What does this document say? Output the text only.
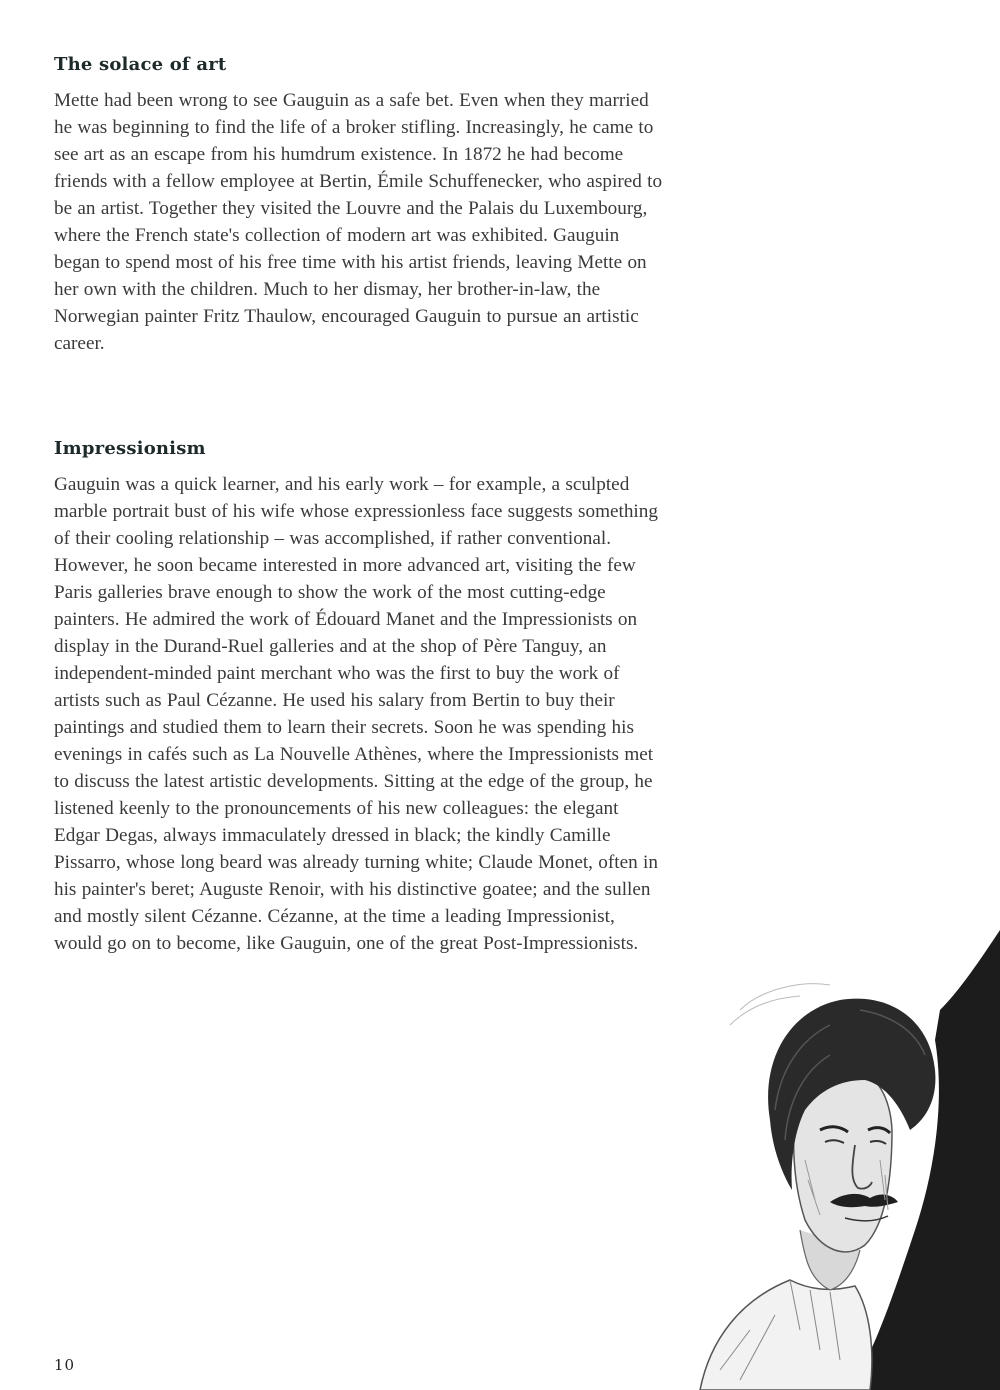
The solace of art

Mette had been wrong to see Gauguin as a safe bet. Even when they married he was beginning to find the life of a broker stifling. Increasingly, he came to see art as an escape from his humdrum existence. In 1872 he had become friends with a fellow employee at Bertin, Émile Schuffenecker, who aspired to be an artist. Together they visited the Louvre and the Palais du Luxembourg, where the French state's collection of modern art was exhibited. Gauguin began to spend most of his free time with his artist friends, leaving Mette on her own with the children. Much to her dismay, her brother-in-law, the Norwegian painter Fritz Thaulow, encouraged Gauguin to pursue an artistic career.

Impressionism

Gauguin was a quick learner, and his early work – for example, a sculpted marble portrait bust of his wife whose expressionless face suggests something of their cooling relationship – was accomplished, if rather conventional. However, he soon became interested in more advanced art, visiting the few Paris galleries brave enough to show the work of the most cutting-edge painters. He admired the work of Édouard Manet and the Impressionists on display in the Durand-Ruel galleries and at the shop of Père Tanguy, an independent-minded paint merchant who was the first to buy the work of artists such as Paul Cézanne. He used his salary from Bertin to buy their paintings and studied them to learn their secrets. Soon he was spending his evenings in cafés such as La Nouvelle Athènes, where the Impressionists met to discuss the latest artistic developments. Sitting at the edge of the group, he listened keenly to the pronouncements of his new colleagues: the elegant Edgar Degas, always immaculately dressed in black; the kindly Camille Pissarro, whose long beard was already turning white; Claude Monet, often in his painter's beret; Auguste Renoir, with his distinctive goatee; and the sullen and mostly silent Cézanne. Cézanne, at the time a leading Impressionist, would go on to become, like Gauguin, one of the great Post-Impressionists.

10
